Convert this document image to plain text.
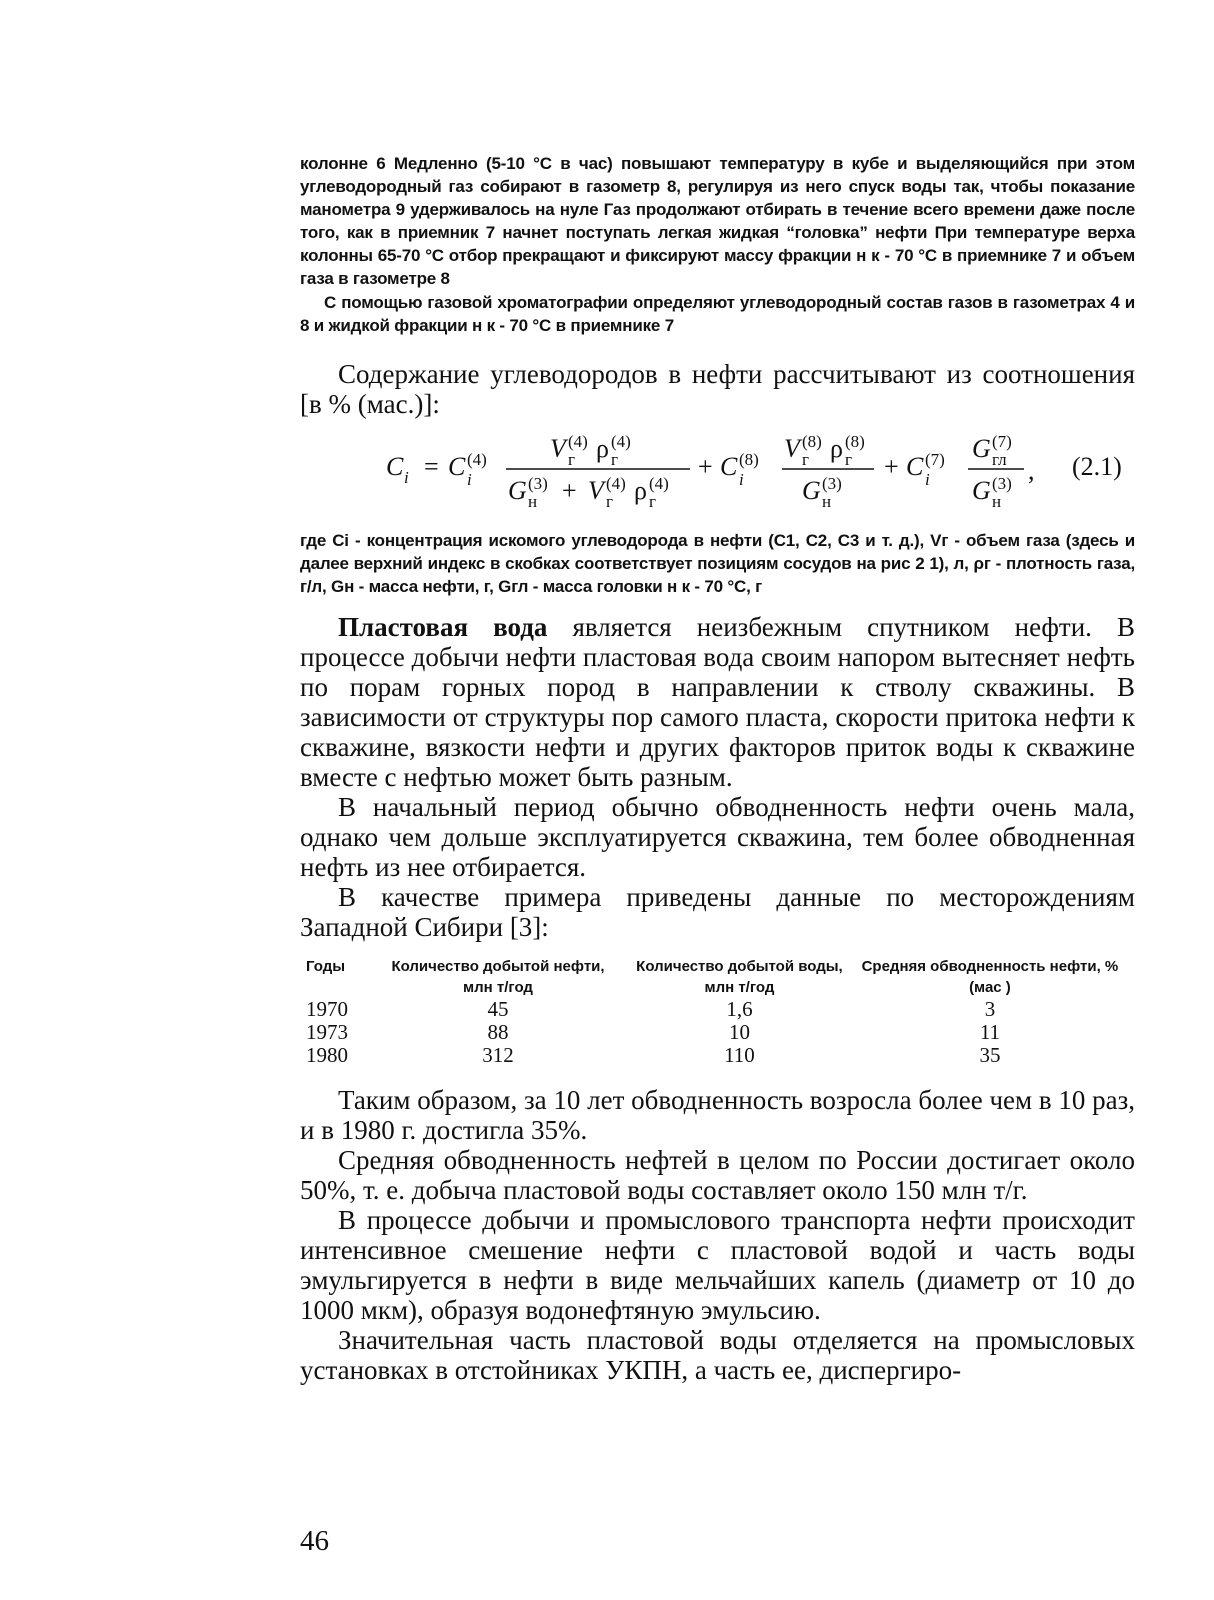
колонне 6 Медленно (5-10 °С в час) повышают температуру в кубе и выделяющийся при этом углеводородный газ собирают в газометр 8, регулируя из него спуск воды так, чтобы показание манометра 9 удерживалось на нуле Газ продолжают отбирать в течение всего времени даже после того, как в приемник 7 начнет поступать легкая жидкая “головка” нефти При температуре верха колонны 65-70 °С отбор прекращают и фиксируют массу фракции н к - 70 °С в приемнике 7 и объем газа в газометре 8

С помощью газовой хроматографии определяют углеводородный состав газов в газометрах 4 и 8 и жидкой фракции н к - 70 °С в приемнике 7

Содержание углеводородов в нефти рассчитывают из соотношения [в % (мас.)]:

C i = C (4)
i
V (4)
г ρ (4)
г
G (3)
н + V (4)
г ρ (4)
г
+ C (8)
i
V (8)
г ρ (8)
г
G (3)
н
+ C (7)
i
G (7)
гл
G (3)
н
, (2.1)

где Ci - концентрация искомого углеводорода в нефти (C1, C2, C3 и т. д.), Vг - объем газа (здесь и далее верхний индекс в скобках соответствует позициям сосудов на рис 2 1), л, ρг - плотность газа, г/л, Gн - масса нефти, г, Gгл - масса головки н к - 70 °С, г

Пластовая вода является неизбежным спутником нефти. В процессе добычи нефти пластовая вода своим напором вытесняет нефть по порам горных пород в направлении к стволу скважины. В зависимости от структуры пор самого пласта, скорости притока нефти к скважине, вязкости нефти и других факторов приток воды к скважине вместе с нефтью может быть разным.

В начальный период обычно обводненность нефти очень мала, однако чем дольше эксплуатируется скважина, тем более обводненная нефть из нее отбирается.

В качестве примера приведены данные по месторождениям Западной Сибири [3]:

Годы	Количество добытой нефти, млн т/год	Количество добытой воды, млн т/год	Средняя обводненность нефти, % (мас )
1970	45	1,6	3
1973	88	10	11
1980	312	110	35

Таким образом, за 10 лет обводненность возросла более чем в 10 раз, и в 1980 г. достигла 35%.

Средняя обводненность нефтей в целом по России достигает около 50%, т. е. добыча пластовой воды составляет около 150 млн т/г.

В процессе добычи и промыслового транспорта нефти происходит интенсивное смешение нефти с пластовой водой и часть воды эмульгируется в нефти в виде мельчайших капель (диаметр от 10 до 1000 мкм), образуя водонефтяную эмульсию.

Значительная часть пластовой воды отделяется на промысловых установках в отстойниках УКПН, а часть ее, диспергиро-

46
